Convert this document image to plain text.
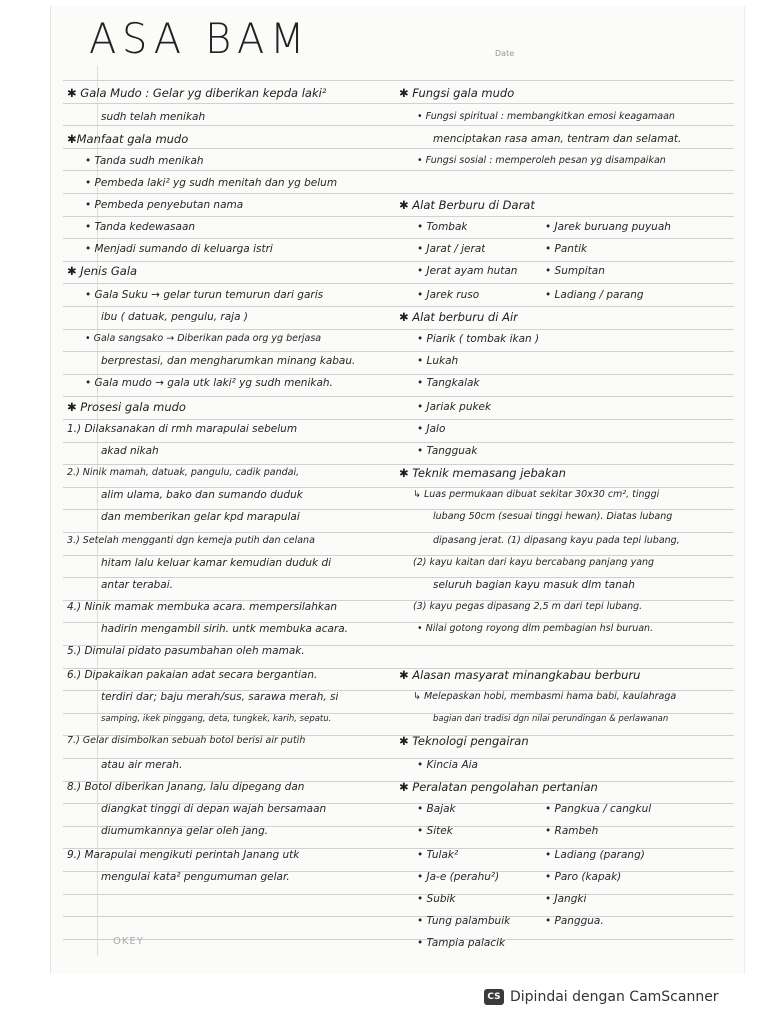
ASA BAM	Date
✱ Gala Mudo : Gelar yg diberikan kepda laki²
sudh telah menikah
✱Manfaat gala mudo
• Tanda sudh menikah
• Pembeda laki² yg sudh menitah dan yg belum
• Pembeda penyebutan nama
• Tanda kedewasaan
• Menjadi sumando di keluarga istri
✱ Jenis Gala
• Gala Suku → gelar turun temurun dari garis
ibu ( datuak, pengulu, raja )
• Gala sangsako → Diberikan pada org yg berjasa
berprestasi, dan mengharumkan minang kabau.
• Gala mudo → gala utk laki² yg sudh menikah.
✱ Prosesi gala mudo
1.) Dilaksanakan di rmh marapulai sebelum
akad nikah
2.) Ninik mamah, datuak, pangulu, cadik pandai,
alim ulama, bako dan sumando duduk
dan memberikan gelar kpd marapulai
3.) Setelah mengganti dgn kemeja putih dan celana
hitam lalu keluar kamar kemudian duduk di
antar terabai.
4.) Ninik mamak membuka acara. mempersilahkan
hadirin mengambil sirih. untk membuka acara.
5.) Dimulai pidato pasumbahan oleh mamak.
6.) Dipakaikan pakaian adat secara bergantian.
terdiri dar; baju merah/sus, sarawa merah, si
samping, ikek pinggang, deta, tungkek, karih, sepatu.
7.) Gelar disimbolkan sebuah botol berisi air putih
atau air merah.
8.) Botol diberikan Janang, lalu dipegang dan
diangkat tinggi di depan wajah bersamaan
diumumkannya gelar oleh jang.
9.) Marapulai mengikuti perintah Janang utk
mengulai kata² pengumuman gelar.
✱ Fungsi gala mudo
• Fungsi spiritual : membangkitkan emosi keagamaan
menciptakan rasa aman, tentram dan selamat.
• Fungsi sosial : memperoleh pesan yg disampaikan
✱ Alat Berburu di Darat
• Tombak
• Jarat / jerat
• Jerat ayam hutan
• Jarek ruso
✱ Alat berburu di Air
• Piarik ( tombak ikan )
• Lukah
• Tangkalak
• Jariak pukek
• Jalo
• Tangguak
✱ Teknik memasang jebakan
↳ Luas permukaan dibuat sekitar 30x30 cm², tinggi
lubang 50cm (sesuai tinggi hewan). Diatas lubang
dipasang jerat. (1) dipasang kayu pada tepi lubang,
(2) kayu kaitan dari kayu bercabang panjang yang
seluruh bagian kayu masuk dlm tanah
(3) kayu pegas dipasang 2,5 m dari tepi lubang.
• Nilai gotong royong dlm pembagian hsl buruan.
✱ Alasan masyarat minangkabau berburu
↳ Melepaskan hobi, membasmi hama babi, kaulahraga
bagian dari tradisi dgn nilai perundingan & perlawanan
✱ Teknologi pengairan
• Kincia Aia
✱ Peralatan pengolahan pertanian
• Bajak
• Sitek
• Tulak²
• Ja-e (perahu²)
• Subik
• Tung palambuik
• Tampia palacik
• Jarek buruang puyuah
• Pantik
• Sumpitan
• Ladiang / parang
• Pangkua / cangkul
• Rambeh
• Ladiang (parang)
• Paro (kapak)
• Jangki
• Panggua.
OKEY
CS Dipindai dengan CamScanner
